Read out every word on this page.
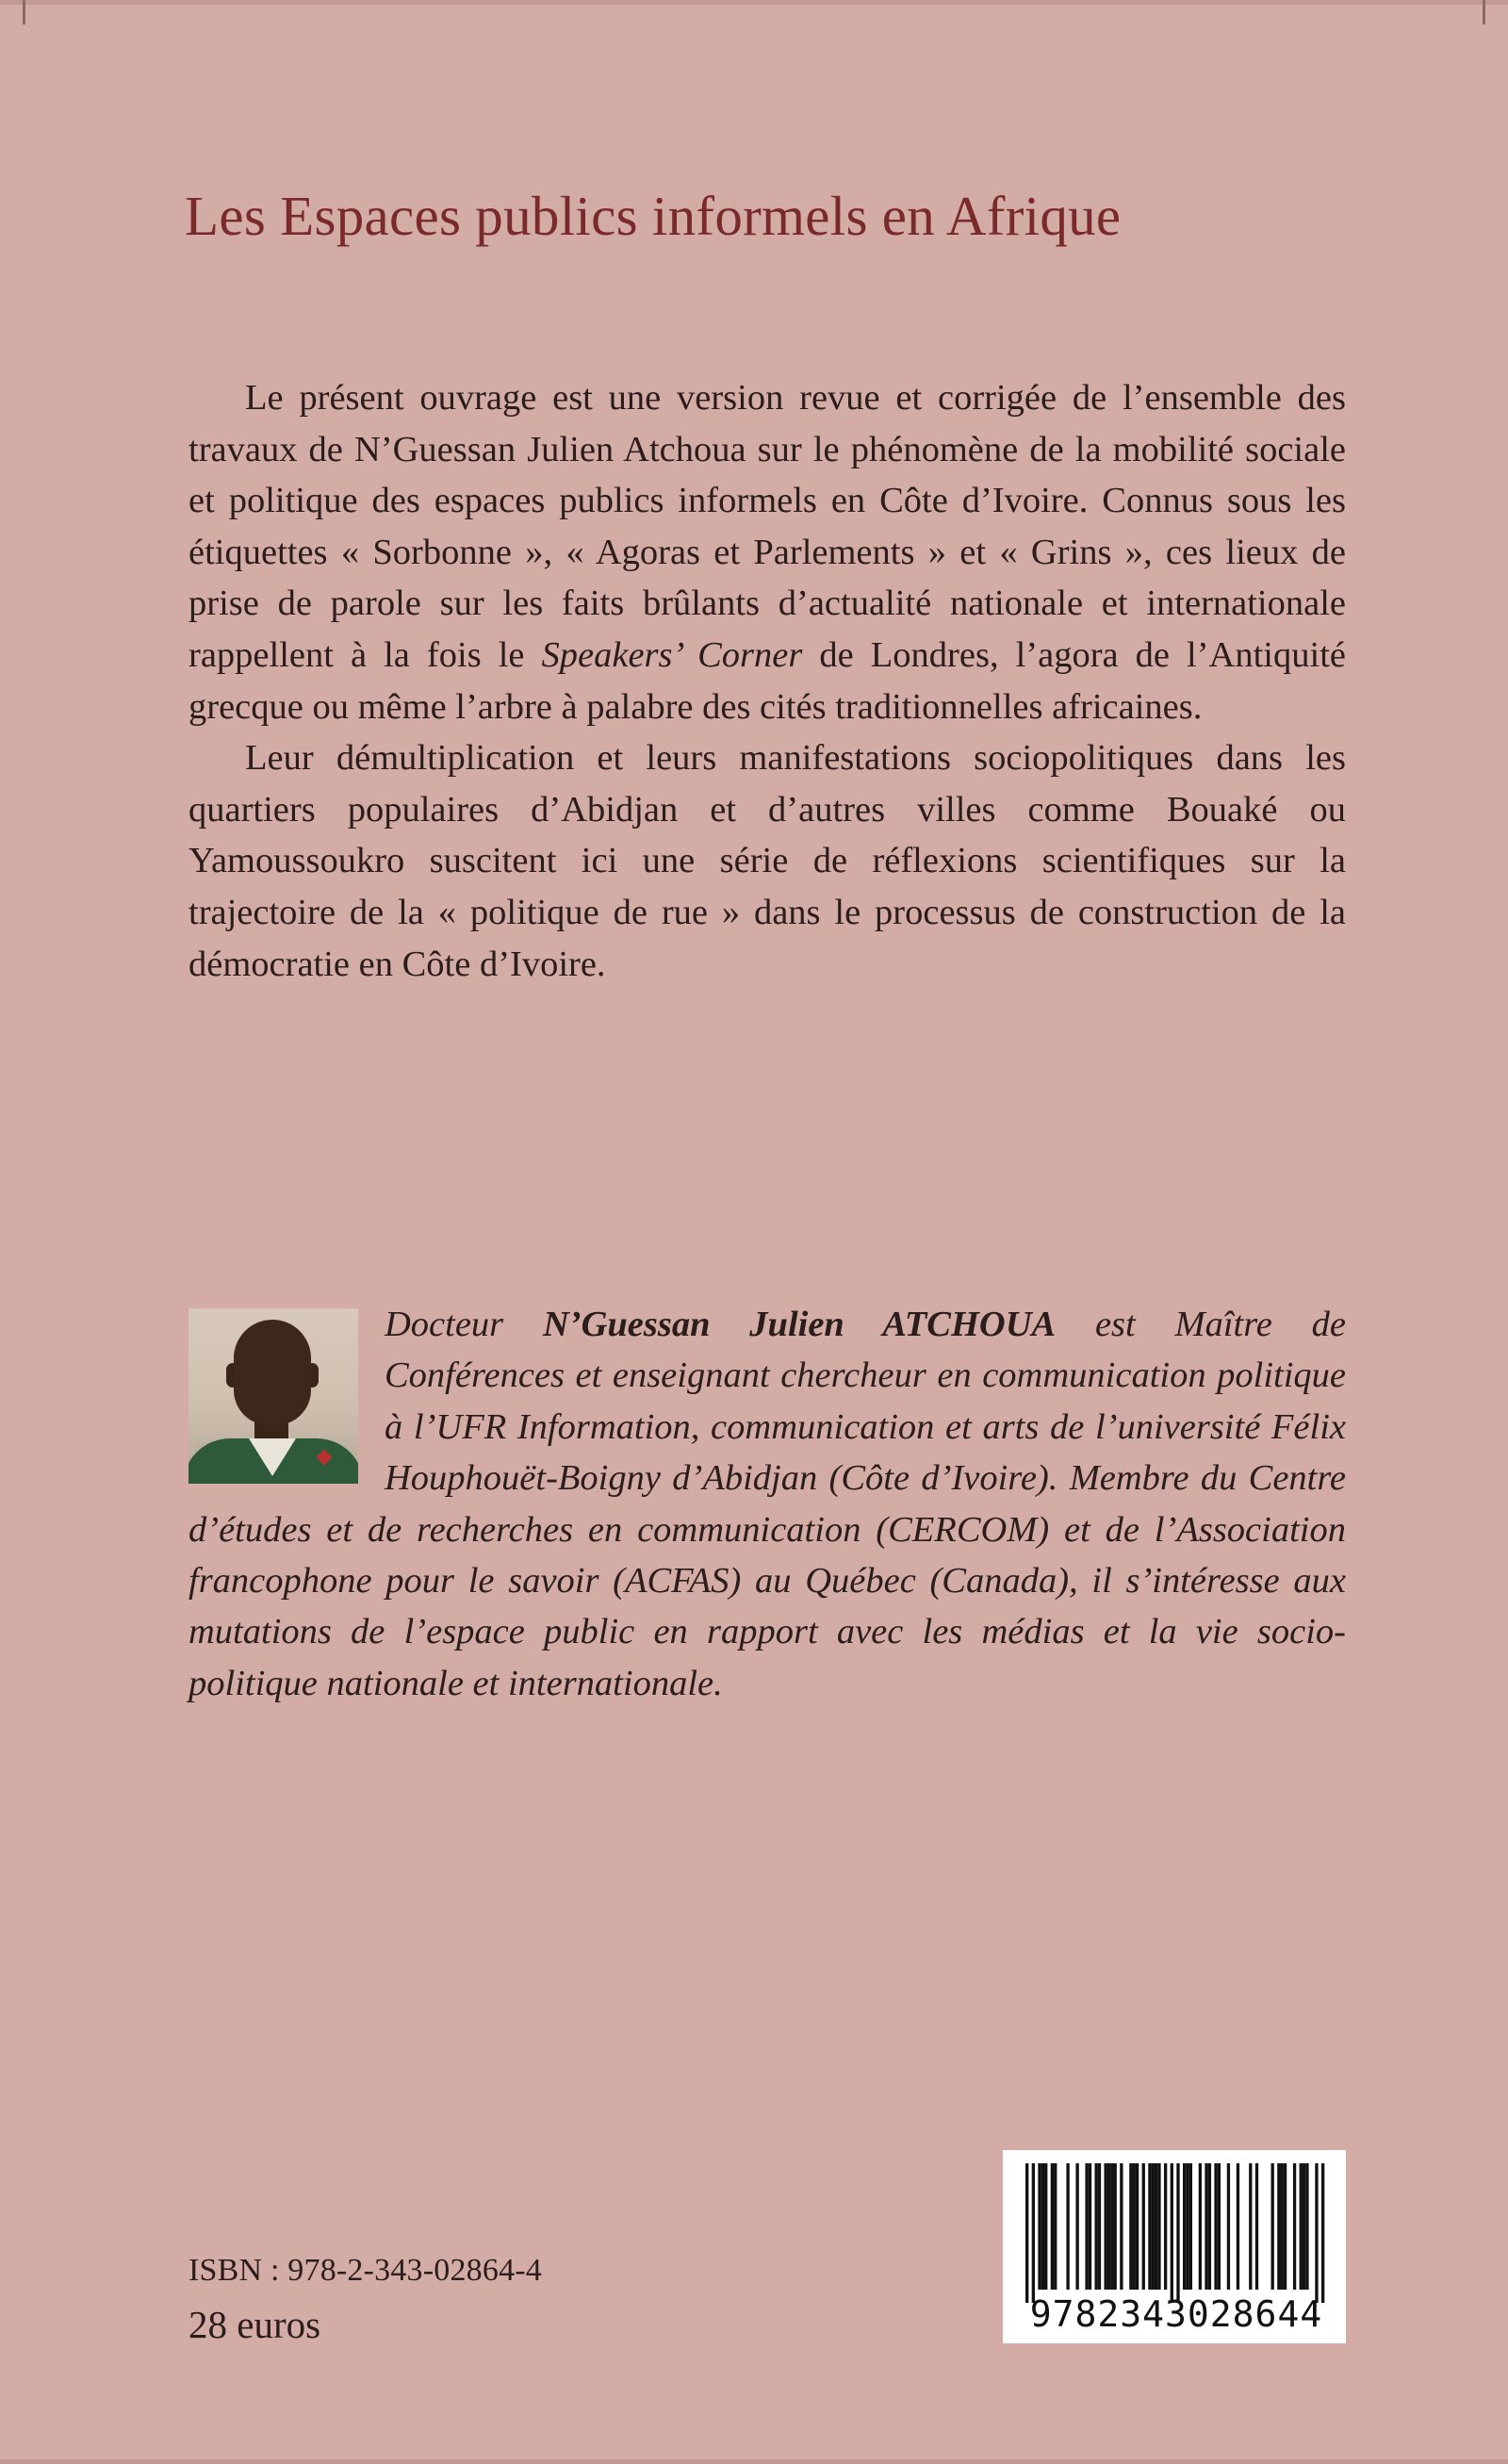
Les Espaces publics informels en Afrique

Le présent ouvrage est une version revue et corrigée de l’ensemble des travaux de N’Guessan Julien Atchoua sur le phénomène de la mobilité sociale et politique des espaces publics informels en Côte d’Ivoire. Connus sous les étiquettes « Sorbonne », « Agoras et Parlements » et « Grins », ces lieux de prise de parole sur les faits brûlants d’actualité nationale et internationale rappellent à la fois le Speakers’ Corner de Londres, l’agora de l’Antiquité grecque ou même l’arbre à palabre des cités traditionnelles africaines.

Leur démultiplication et leurs manifestations sociopolitiques dans les quartiers populaires d’Abidjan et d’autres villes comme Bouaké ou Yamoussoukro suscitent ici une série de réflexions scientifiques sur la trajectoire de la « politique de rue » dans le processus de construction de la démocratie en Côte d’Ivoire.

Docteur N’Guessan Julien ATCHOUA est Maître de Conférences et enseignant chercheur en communication politique à l’UFR Information, communication et arts de l’université Félix Houphouët-Boigny d’Abidjan (Côte d’Ivoire). Membre du Centre d’études et de recherches en communication (CERCOM) et de l’Association francophone pour le savoir (ACFAS) au Québec (Canada), il s’intéresse aux mutations de l’espace public en rapport avec les médias et la vie socio-politique nationale et internationale.

ISBN : 978-2-343-02864-4

28 euros	9782343028644
